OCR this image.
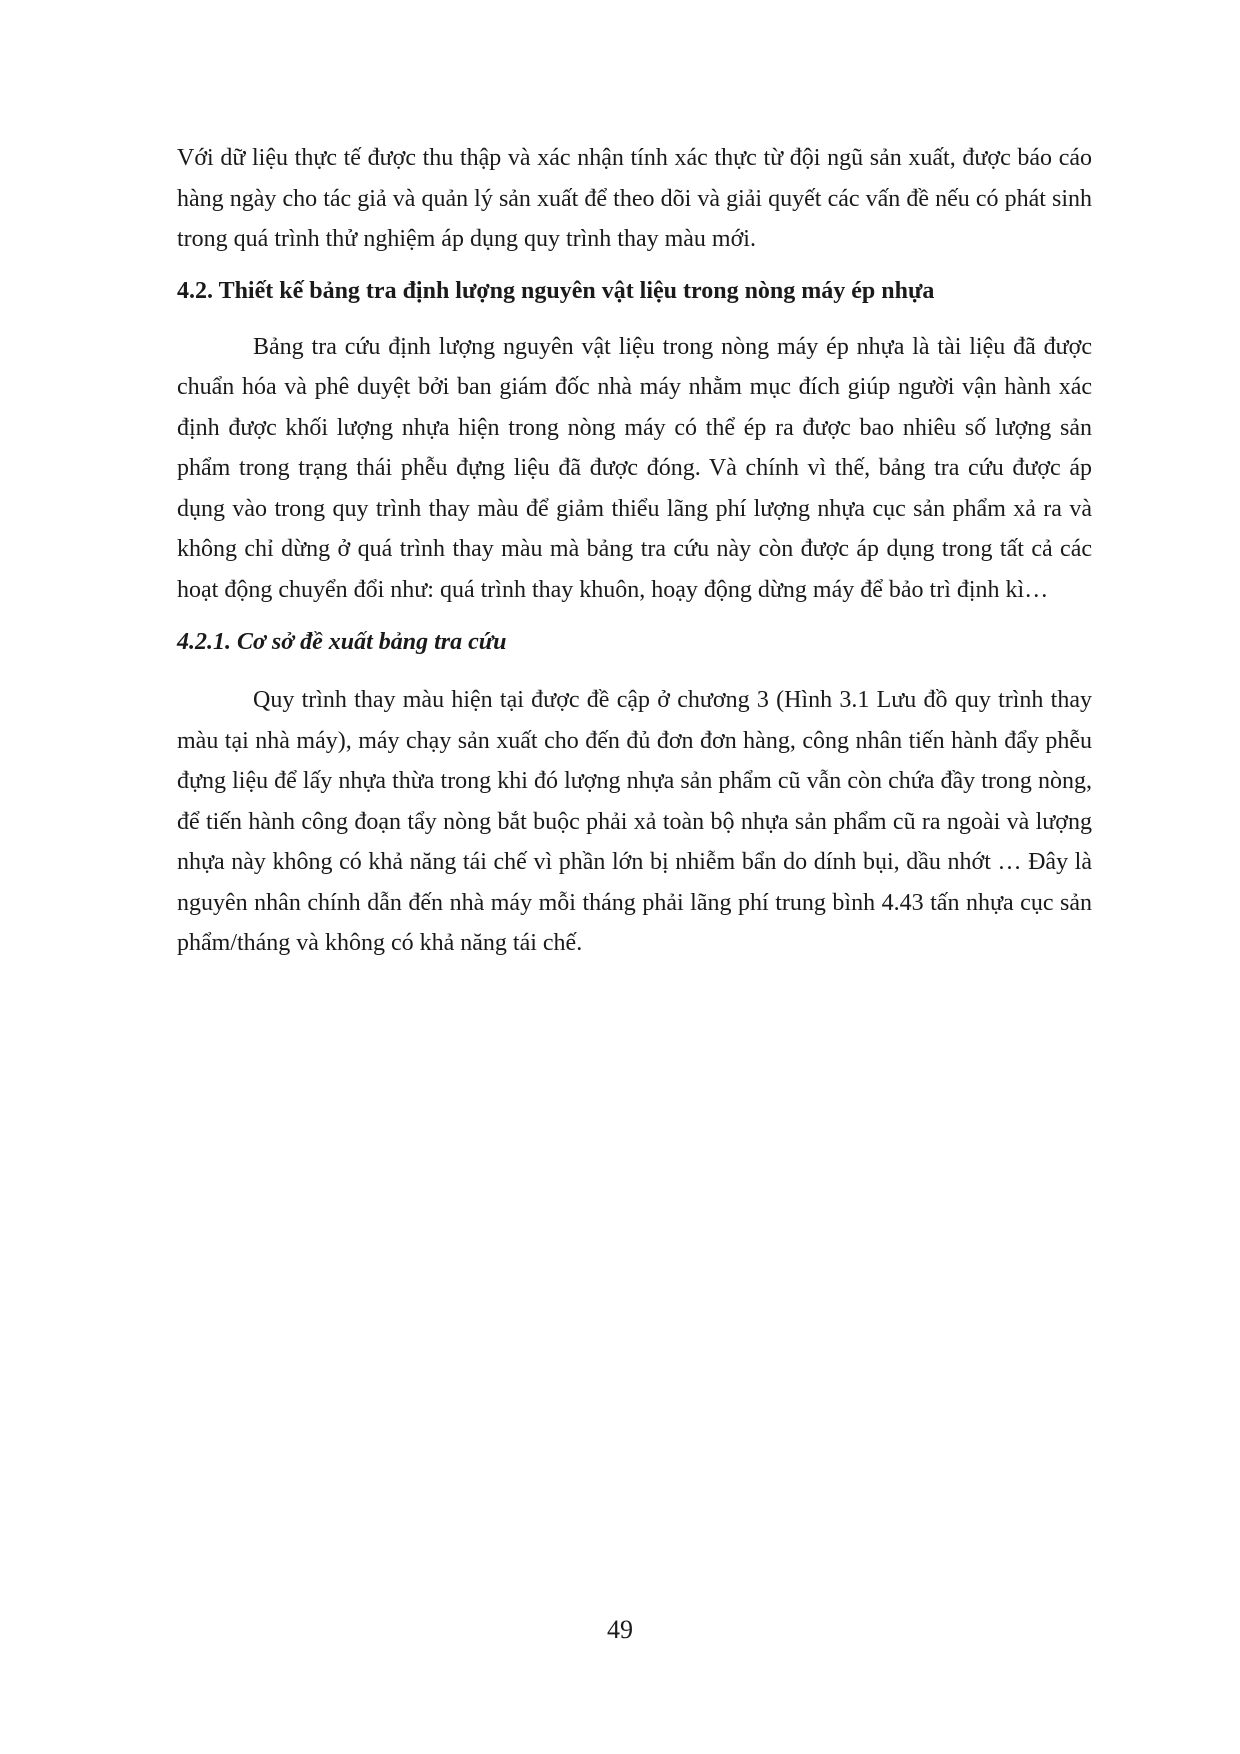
Với dữ liệu thực tế được thu thập và xác nhận tính xác thực từ đội ngũ sản xuất, được báo cáo hàng ngày cho tác giả và quản lý sản xuất để theo dõi và giải quyết các vấn đề nếu có phát sinh trong quá trình thử nghiệm áp dụng quy trình thay màu mới.

4.2. Thiết kế bảng tra định lượng nguyên vật liệu trong nòng máy ép nhựa

Bảng tra cứu định lượng nguyên vật liệu trong nòng máy ép nhựa là tài liệu đã được chuẩn hóa và phê duyệt bởi ban giám đốc nhà máy nhằm mục đích giúp người vận hành xác định được khối lượng nhựa hiện trong nòng máy có thể ép ra được bao nhiêu số lượng sản phẩm trong trạng thái phễu đựng liệu đã được đóng. Và chính vì thế, bảng tra cứu được áp dụng vào trong quy trình thay màu để giảm thiểu lãng phí lượng nhựa cục sản phẩm xả ra và không chỉ dừng ở quá trình thay màu mà bảng tra cứu này còn được áp dụng trong tất cả các hoạt động chuyển đổi như: quá trình thay khuôn, hoạy động dừng máy để bảo trì định kì…

4.2.1. Cơ sở đề xuất bảng tra cứu

Quy trình thay màu hiện tại được đề cập ở chương 3 (Hình 3.1 Lưu đồ quy trình thay màu tại nhà máy), máy chạy sản xuất cho đến đủ đơn đơn hàng, công nhân tiến hành đẩy phễu đựng liệu để lấy nhựa thừa trong khi đó lượng nhựa sản phẩm cũ vẫn còn chứa đầy trong nòng, để tiến hành công đoạn tẩy nòng bắt buộc phải xả toàn bộ nhựa sản phẩm cũ ra ngoài và lượng nhựa này không có khả năng tái chế vì phần lớn bị nhiễm bẩn do dính bụi, dầu nhớt … Đây là nguyên nhân chính dẫn đến nhà máy mỗi tháng phải lãng phí trung bình 4.43 tấn nhựa cục sản phẩm/tháng và không có khả năng tái chế.

49
